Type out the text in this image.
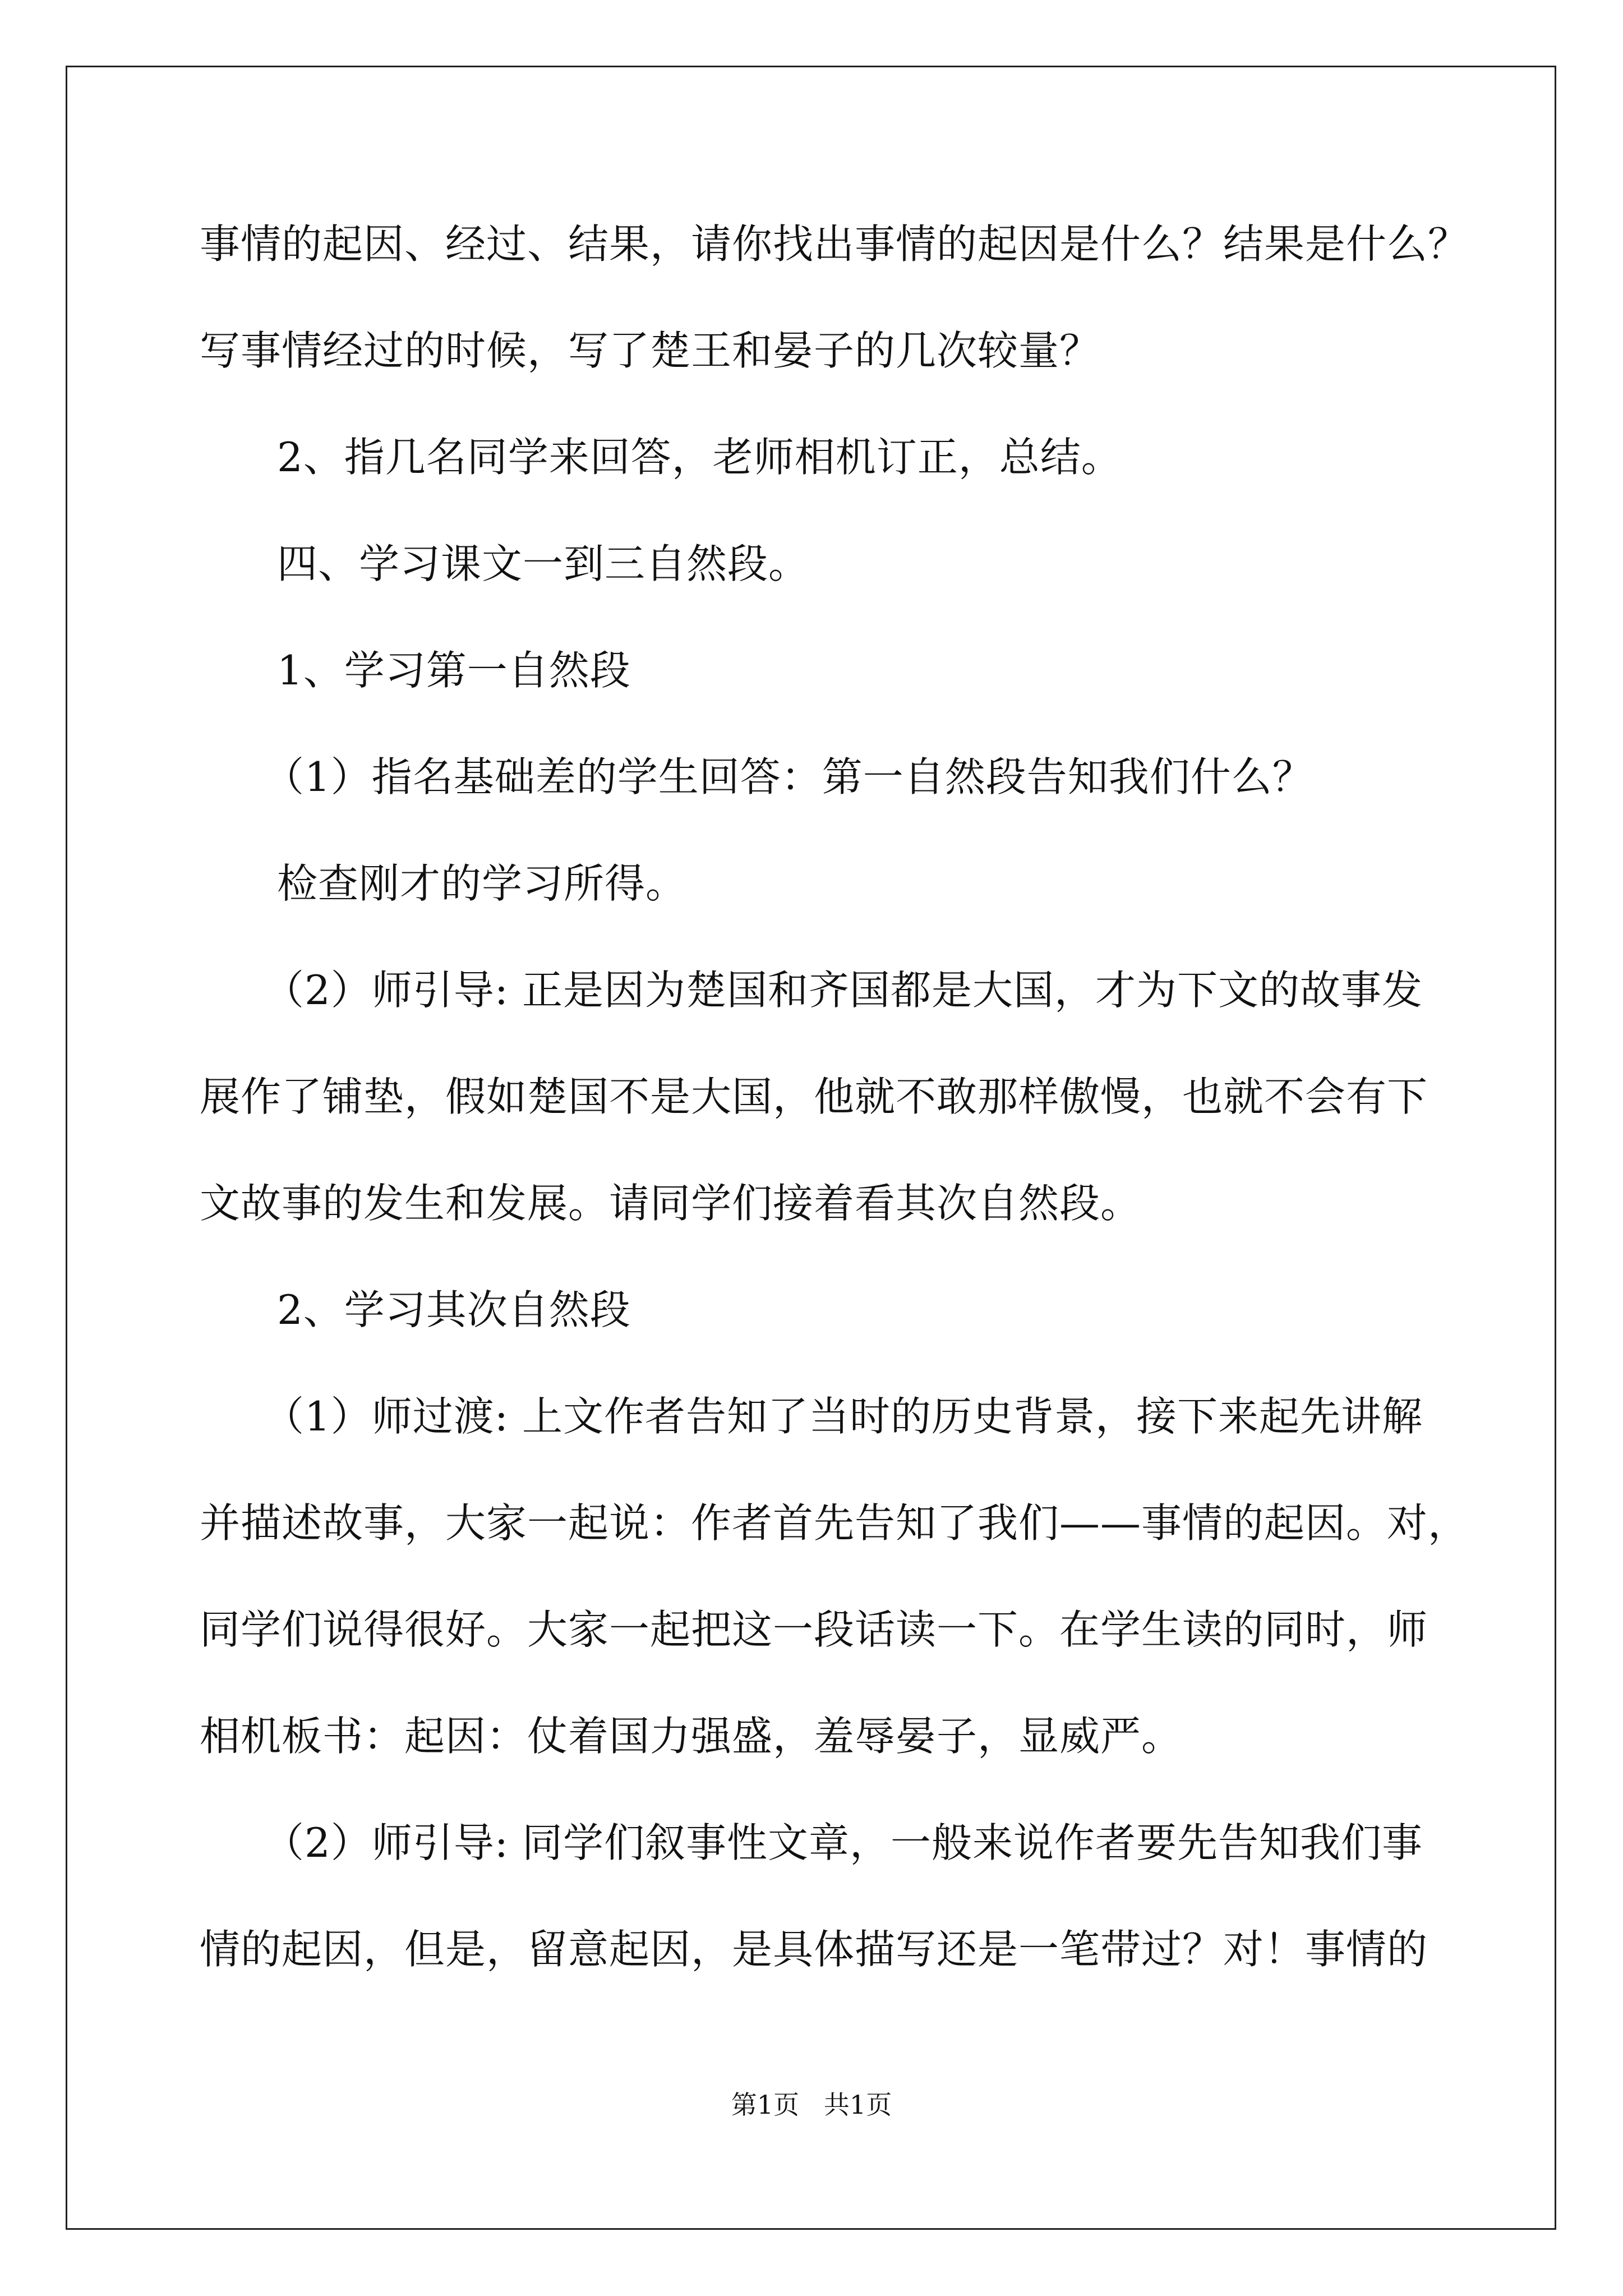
事情的起因、经过、结果，请你找出事情的起因是什么？结果是什么？
写事情经过的时候，写了楚王和晏子的几次较量？
2、指几名同学来回答，老师相机订正，总结。
四、学习课文一到三自然段。
1、学习第一自然段
（1）指名基础差的学生回答：第一自然段告知我们什么？
检查刚才的学习所得。
（2）师引导: 正是因为楚国和齐国都是大国，才为下文的故事发
展作了铺垫，假如楚国不是大国，他就不敢那样傲慢，也就不会有下
文故事的发生和发展。请同学们接着看其次自然段。
2、学习其次自然段
（1）师过渡: 上文作者告知了当时的历史背景，接下来起先讲解
并描述故事，大家一起说：作者首先告知了我们——事情的起因。对，
同学们说得很好。大家一起把这一段话读一下。在学生读的同时，师
相机板书：起因：仗着国力强盛，羞辱晏子，显威严。
（2）师引导: 同学们叙事性文章，一般来说作者要先告知我们事
情的起因，但是，留意起因，是具体描写还是一笔带过？对！事情的
第1页   共1页
